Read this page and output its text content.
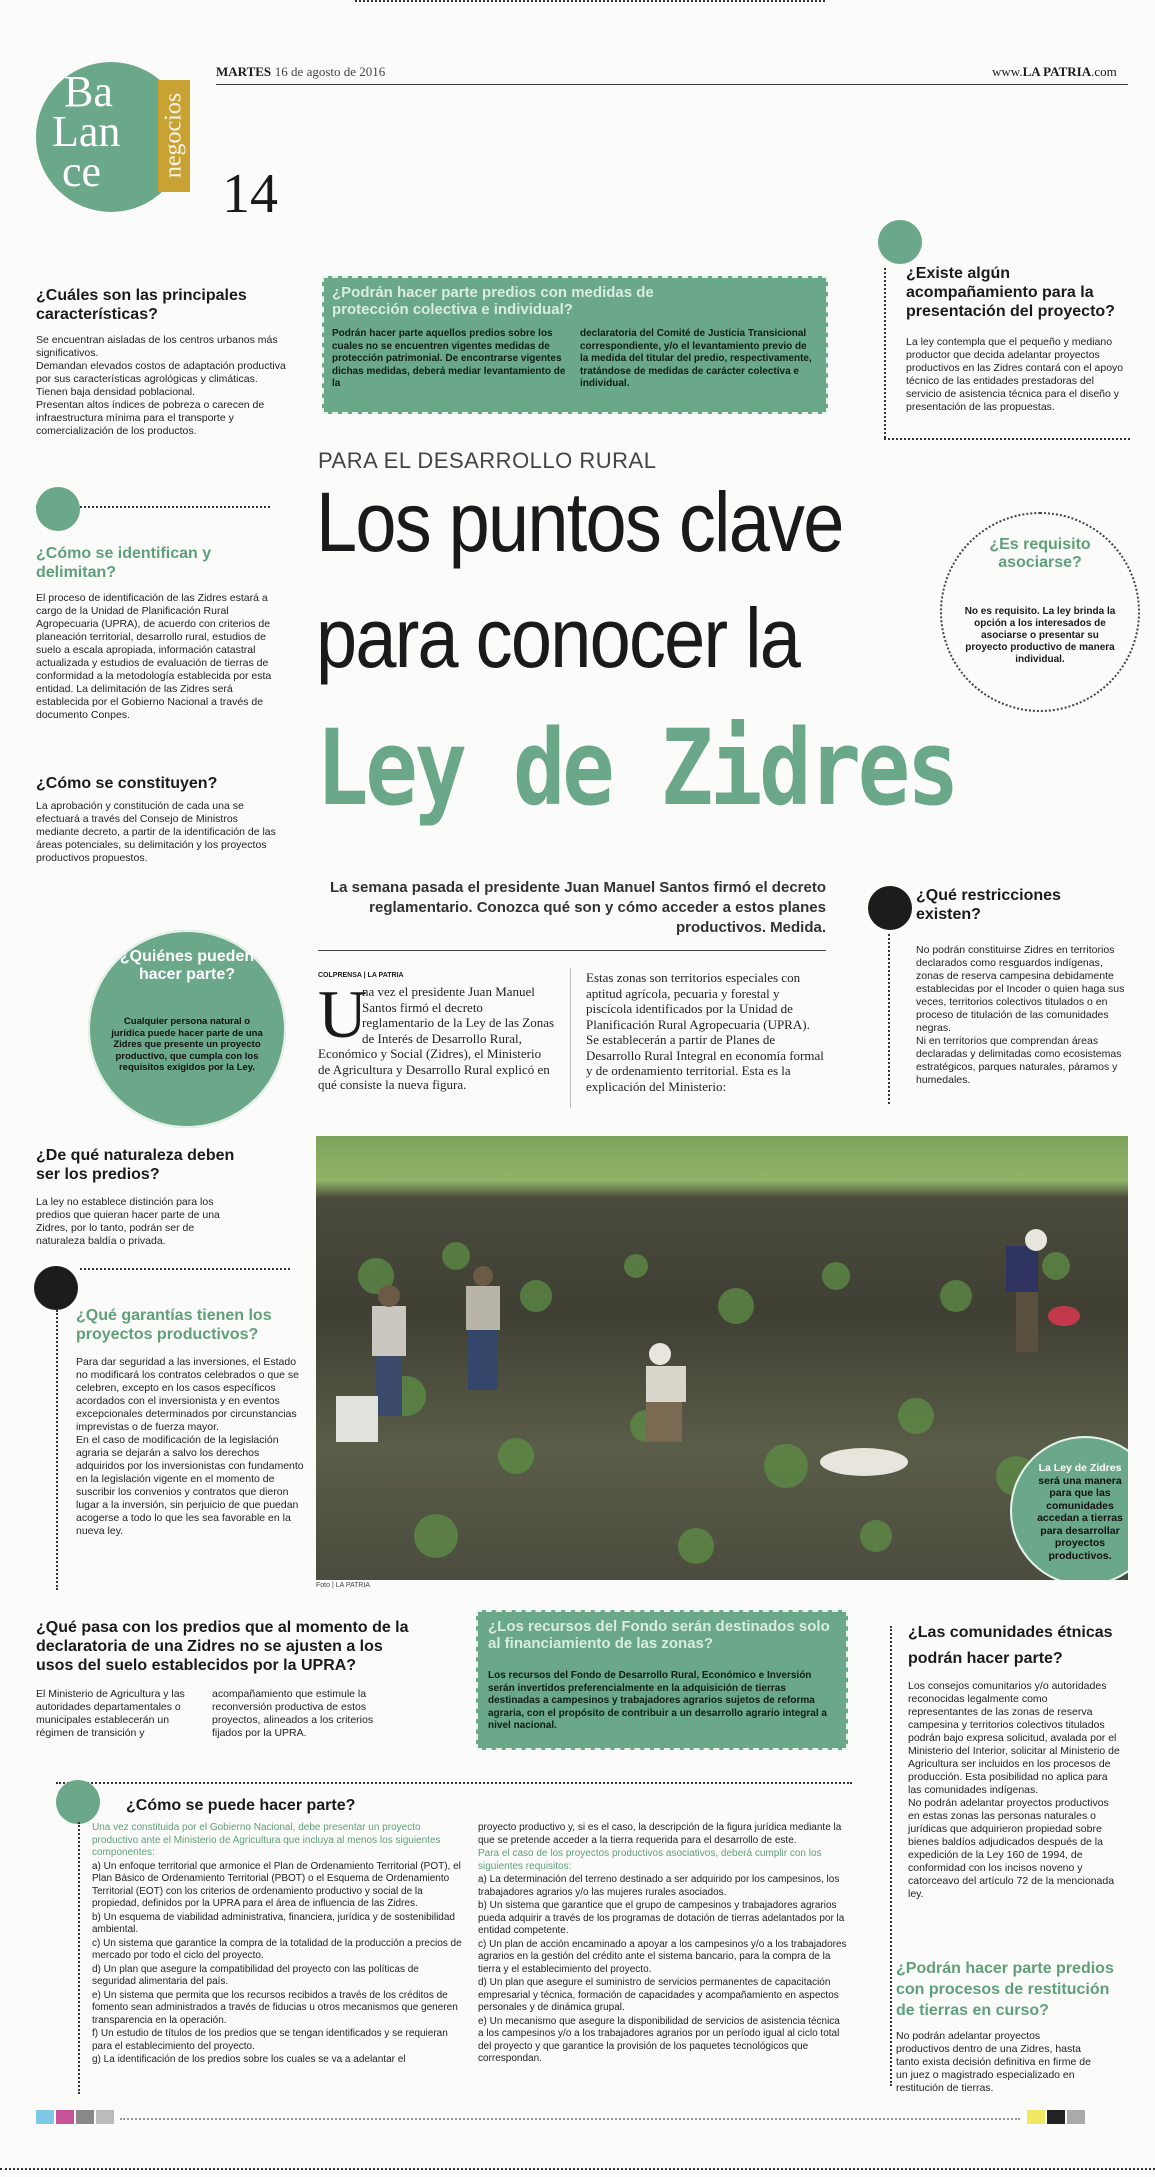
negocios
Ba
Lan
ce 14
MARTES 16 de agosto de 2016	www.LA PATRIA.com
¿Cuáles son las principales características?

Se encuentran aisladas de los centros urbanos más significativos.

Demandan elevados costos de adaptación productiva por sus características agrológicas y climáticas.

Tienen baja densidad poblacional.

Presentan altos índices de pobreza o carecen de infraestructura mínima para el transporte y comercialización de los productos.

¿Cómo se identifican y delimitan?
El proceso de identificación de las Zidres estará a cargo de la Unidad de Planificación Rural Agropecuaria (UPRA), de acuerdo con criterios de planeación territorial, desarrollo rural, estudios de suelo a escala apropiada, información catastral actualizada y estudios de evaluación de tierras de conformidad a la metodología establecida por esta entidad. La delimitación de las Zidres será establecida por el Gobierno Nacional a través de documento Conpes.
¿Cómo se constituyen?
La aprobación y constitución de cada una se efectuará a través del Consejo de Ministros mediante decreto, a partir de la identificación de las áreas potenciales, su delimitación y los proyectos productivos propuestos.
¿Quiénes pueden hacer parte?
Cualquier persona natural o jurídica puede hacer parte de una Zidres que presente un proyecto productivo, que cumpla con los requisitos exigidos por la Ley.
¿De qué naturaleza deben ser los predios?
La ley no establece distinción para los predios que quieran hacer parte de una Zidres, por lo tanto, podrán ser de naturaleza baldía o privada.
¿Qué garantías tienen los proyectos productivos?
Para dar seguridad a las inversiones, el Estado no modificará los contratos celebrados o que se celebren, excepto en los casos específicos acordados con el inversionista y en eventos excepcionales determinados por circunstancias imprevistas o de fuerza mayor.
En el caso de modificación de la legislación agraria se dejarán a salvo los derechos adquiridos por los inversionistas con fundamento en la legislación vigente en el momento de suscribir los convenios y contratos que dieron lugar a la inversión, sin perjuicio de que puedan acogerse a todo lo que les sea favorable en la nueva ley.
¿Podrán hacer parte predios con medidas de protección colectiva e individual?
Podrán hacer parte aquellos predios sobre los cuales no se encuentren vigentes medidas de protección patrimonial. De encontrarse vigentes dichas medidas, deberá mediar levantamiento de la
declaratoria del Comité de Justicia Transicional correspondiente, y/o el levantamiento previo de la medida del titular del predio, respectivamente, tratándose de medidas de carácter colectiva e individual.
¿Existe algún acompañamiento para la presentación del proyecto?
La ley contempla que el pequeño y mediano productor que decida adelantar proyectos productivos en las Zidres contará con el apoyo técnico de las entidades prestadoras del servicio de asistencia técnica para el diseño y presentación de las propuestas.
¿Es requisito asociarse?
No es requisito. La ley brinda la opción a los interesados de asociarse o presentar su proyecto productivo de manera individual.
PARA EL DESARROLLO RURAL
Los puntos clave
para conocer la
Ley de Zidres
La semana pasada el presidente Juan Manuel Santos firmó el decreto reglamentario. Conozca qué son y cómo acceder a estos planes productivos. Medida.
¿Qué restricciones existen?
No podrán constituirse Zidres en territorios declarados como resguardos indígenas, zonas de reserva campesina debidamente establecidas por el Incoder o quien haga sus veces, territorios colectivos titulados o en proceso de titulación de las comunidades negras.
Ni en territorios que comprendan áreas declaradas y delimitadas como ecosistemas estratégicos, parques naturales, páramos y humedales.
COLPRENSA | LA PATRIA
U
na vez el presidente Juan Manuel Santos firmó el decreto reglamentario de la Ley de las Zonas de Interés de Desarrollo Rural, Económico y Social (Zidres), el Ministerio de Agricultura y Desarrollo Rural explicó en qué consiste la nueva figura.
Estas zonas son territorios especiales con aptitud agrícola, pecuaria y forestal y piscícola identificados por la Unidad de Planificación Rural Agropecuaria (UPRA). Se establecerán a partir de Planes de Desarrollo Rural Integral en economía formal y de ordenamiento territorial. Esta es la explicación del Ministerio:
La Ley de Zidres será una manera para que las comunidades accedan a tierras para desarrollar proyectos productivos.
Foto | LA PATRIA
¿Qué pasa con los predios que al momento de la declaratoria de una Zidres no se ajusten a los usos del suelo establecidos por la UPRA?
El Ministerio de Agricultura y las autoridades departamentales o municipales establecerán un régimen de transición y
acompañamiento que estimule la reconversión productiva de estos proyectos, alineados a los criterios fijados por la UPRA.
¿Los recursos del Fondo serán destinados solo al financiamiento de las zonas?
Los recursos del Fondo de Desarrollo Rural, Económico e Inversión serán invertidos preferencialmente en la adquisición de tierras destinadas a campesinos y trabajadores agrarios sujetos de reforma agraria, con el propósito de contribuir a un desarrollo agrario integral a nivel nacional.
¿Las comunidades étnicas podrán hacer parte?
Los consejos comunitarios y/o autoridades reconocidas legalmente como representantes de las zonas de reserva campesina y territorios colectivos titulados podrán bajo expresa solicitud, avalada por el Ministerio del Interior, solicitar al Ministerio de Agricultura ser incluidos en los procesos de producción. Esta posibilidad no aplica para las comunidades indígenas.
No podrán adelantar proyectos productivos en estas zonas las personas naturales o jurídicas que adquirieron propiedad sobre bienes baldíos adjudicados después de la expedición de la Ley 160 de 1994, de conformidad con los incisos noveno y catorceavo del artículo 72 de la mencionada ley.
¿Podrán hacer parte predios con procesos de restitución de tierras en curso?
No podrán adelantar proyectos productivos dentro de una Zidres, hasta tanto exista decisión definitiva en firme de un juez o magistrado especializado en restitución de tierras.
¿Cómo se puede hacer parte?

Una vez constituida por el Gobierno Nacional, debe presentar un proyecto productivo ante el Ministerio de Agricultura que incluya al menos los siguientes componentes:

a) Un enfoque territorial que armonice el Plan de Ordenamiento Territorial (POT), el Plan Básico de Ordenamiento Territorial (PBOT) o el Esquema de Ordenamiento Territorial (EOT) con los criterios de ordenamiento productivo y social de la propiedad, definidos por la UPRA para el área de influencia de las Zidres.

b) Un esquema de viabilidad administrativa, financiera, jurídica y de sostenibilidad ambiental.

c) Un sistema que garantice la compra de la totalidad de la producción a precios de mercado por todo el ciclo del proyecto.

d) Un plan que asegure la compatibilidad del proyecto con las políticas de seguridad alimentaria del país.

e) Un sistema que permita que los recursos recibidos a través de los créditos de fomento sean administrados a través de fiducias u otros mecanismos que generen transparencia en la operación.

f) Un estudio de títulos de los predios que se tengan identificados y se requieran para el establecimiento del proyecto.

g) La identificación de los predios sobre los cuales se va a adelantar el

proyecto productivo y, si es el caso, la descripción de la figura jurídica mediante la que se pretende acceder a la tierra requerida para el desarrollo de este.

Para el caso de los proyectos productivos asociativos, deberá cumplir con los siguientes requisitos:

a) La determinación del terreno destinado a ser adquirido por los campesinos, los trabajadores agrarios y/o las mujeres rurales asociados.

b) Un sistema que garantice que el grupo de campesinos y trabajadores agrarios pueda adquirir a través de los programas de dotación de tierras adelantados por la entidad competente.

c) Un plan de acción encaminado a apoyar a los campesinos y/o a los trabajadores agrarios en la gestión del crédito ante el sistema bancario, para la compra de la tierra y el establecimiento del proyecto.

d) Un plan que asegure el suministro de servicios permanentes de capacitación empresarial y técnica, formación de capacidades y acompañamiento en aspectos personales y de dinámica grupal.

e) Un mecanismo que asegure la disponibilidad de servicios de asistencia técnica a los campesinos y/o a los trabajadores agrarios por un período igual al ciclo total del proyecto y que garantice la provisión de los paquetes tecnológicos que correspondan.
